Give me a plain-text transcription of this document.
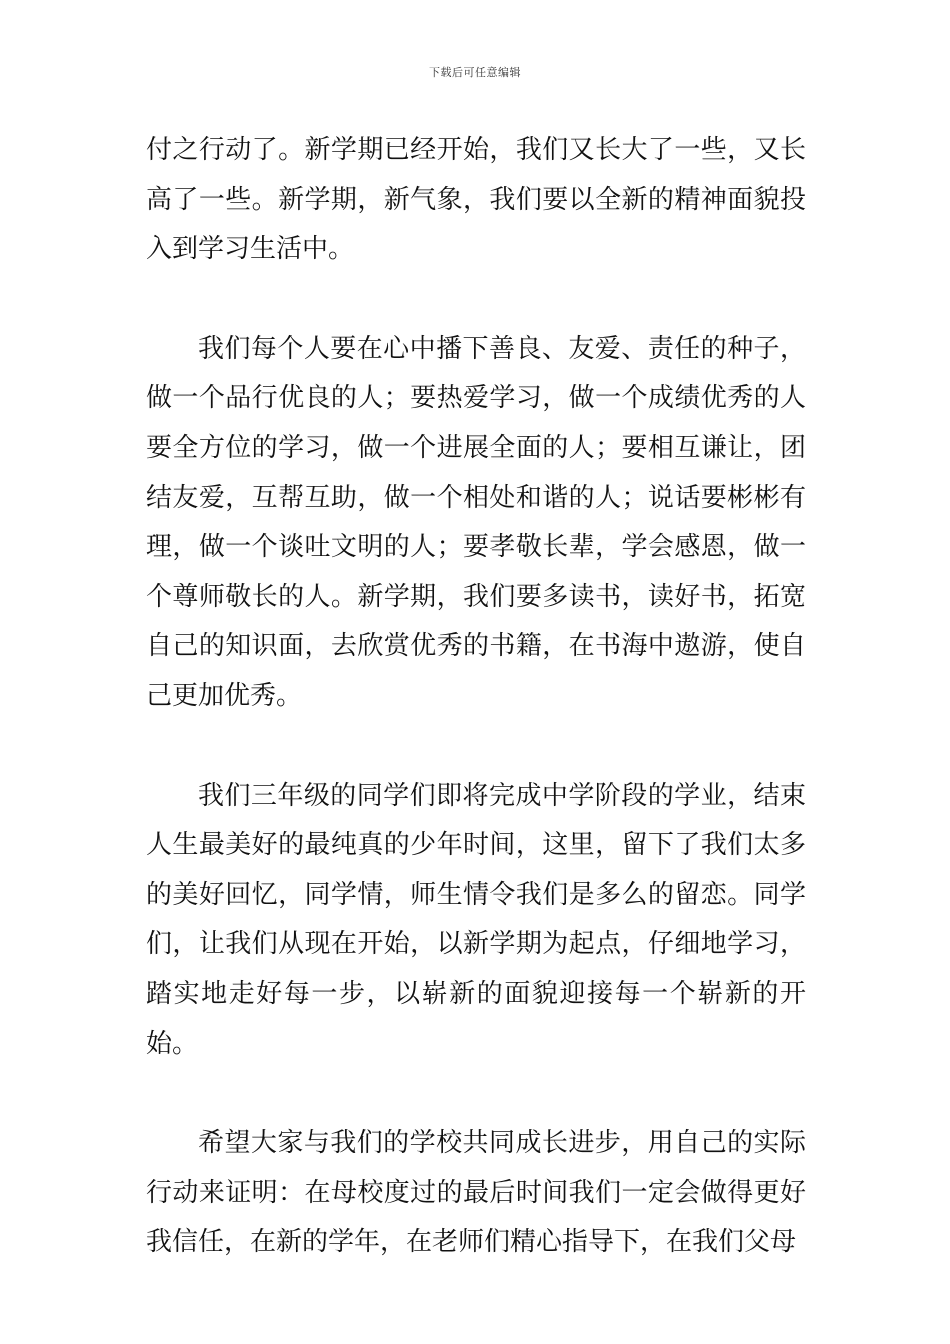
下载后可任意编辑

付之行动了。新学期已经开始，我们又长大了一些，又长高了一些。新学期，新气象，我们要以全新的精神面貌投入到学习生活中。

我们每个人要在心中播下善良、友爱、责任的种子，做一个品行优良的人；要热爱学习，做一个成绩优秀的人要全方位的学习，做一个进展全面的人；要相互谦让，团结友爱，互帮互助，做一个相处和谐的人；说话要彬彬有理，做一个谈吐文明的人；要孝敬长辈，学会感恩，做一个尊师敬长的人。新学期，我们要多读书，读好书，拓宽自己的知识面，去欣赏优秀的书籍，在书海中遨游，使自己更加优秀。

我们三年级的同学们即将完成中学阶段的学业，结束人生最美好的最纯真的少年时间，这里，留下了我们太多的美好回忆，同学情，师生情令我们是多么的留恋。同学们，让我们从现在开始，以新学期为起点，仔细地学习，踏实地走好每一步，以崭新的面貌迎接每一个崭新的开始。

希望大家与我们的学校共同成长进步，用自己的实际行动来证明：在母校度过的最后时间我们一定会做得更好我信任，在新的学年，在老师们精心指导下，在我们父母
